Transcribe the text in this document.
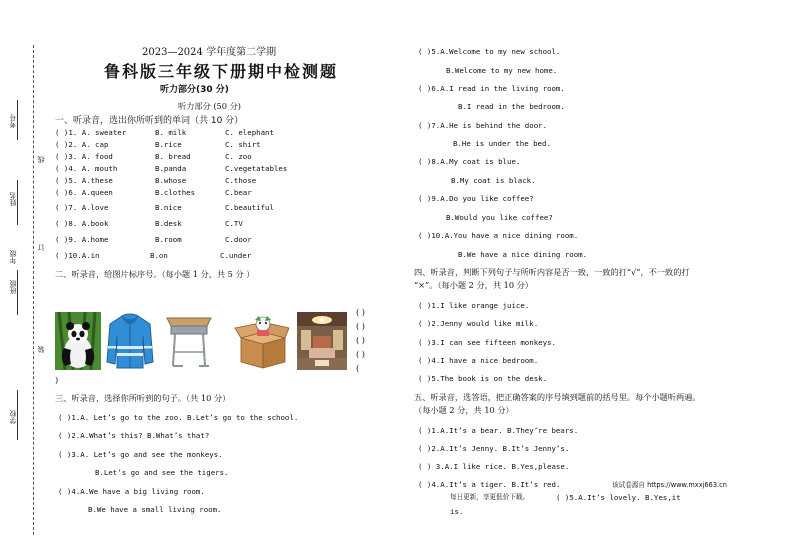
考号
线
姓名
订
班级
年级
装
学校
2023—2024 学年度第二学期
鲁科版三年级下册期中检测题
听力部分(30 分)
听力部分 (50 分)
一、听录音，选出你所听到的单词（共 10 分）
( )1. A. sweater	B. milk	C. elephant
( )2. A. cap	B.rice	C. shirt
( )3. A. food	B. bread	C. zoo
( )4. A. mouth	B.panda	C.vegetatables
( )5. A.these	B.whose	C.those
( )6. A.queen	B.clothes	C.bear
( )7. A.love	B.nice	C.beautiful
( )8. A.book	B.desk	C.TV
( )9. A.home	B.room	C.door
( )10.A.in	B.on	C.under
二、听录音，给图片标序号。（每小题 1 分，共 5 分 ）
( )
( )
( )
( )
(
)
三、听录音，选择你所听到的句子。（共 10 分）
( )1.A. Let’s go to the zoo. B.Let’s go to the school.
( )2.A.What’s this? B.What’s that?
( )3.A. Let’s go and see the monkeys.
B.Let’s go and see the tigers.
( )4.A.We have a big living room.
B.We have a small living room.
( )5.A.Welcome to my new school.
B.Welcome to my new home.
( )6.A.I read in the living room.
B.I read in the bedroom.
( )7.A.He is behind the door.
B.He is under the bed.
( )8.A.My coat is blue.
B.My coat is black.
( )9.A.Do you like coffee?
B.Would you like coffee?
( )10.A.You have a nice dining room.
B.We have a nice dining room.
四、听录音，判断下列句子与所听内容是否一致，一致的打“√”，不一致的打
“×”。（每小题 2 分，共 10 分）
( )1.I like orange juice.
( )2.Jenny would like milk.
( )3.I can see fifteen monkeys.
( )4.I have a nice bedroom.
( )5.The book is on the desk.
五、听录音，选答语，把正确答案的序号填到题前的括号里。每个小题听两遍。
（每小题 2 分，共 10 分）
( )1.A.It’s a bear. B.They’re bears.
( )2.A.It’s Jenny. B.It’s Jenny’s.
( ) 3.A.I like rice. B.Yes,please.
( )4.A.It’s a tiger. B.It’s red.	该试卷源自 https://www.mxxj663.cn
每日更新，享更低价下载。	( )5.A.It’s lovely. B.Yes,it
is.
